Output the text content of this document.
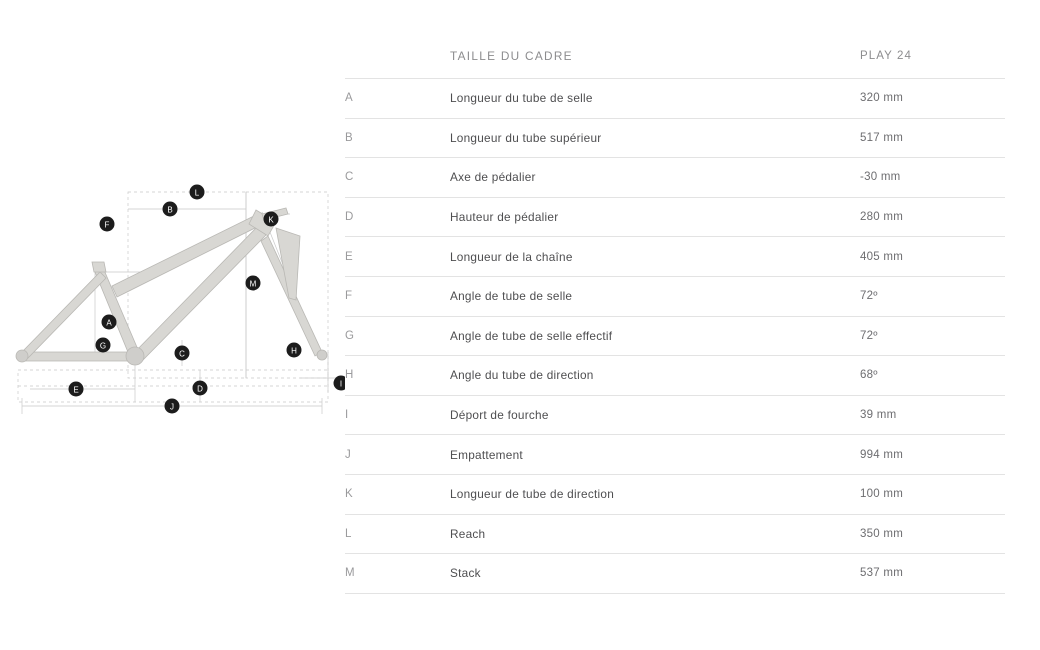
A
B
C
D
E
F
G
H
I
J
K
L
M
	TAILLE DU CADRE	PLAY 24
A	Longueur du tube de selle	320 mm
B	Longueur du tube supérieur	517 mm
C	Axe de pédalier	-30 mm
D	Hauteur de pédalier	280 mm
E	Longueur de la chaîne	405 mm
F	Angle de tube de selle	72º
G	Angle de tube de selle effectif	72º
H	Angle du tube de direction	68º
I	Déport de fourche	39 mm
J	Empattement	994 mm
K	Longueur de tube de direction	100 mm
L	Reach	350 mm
M	Stack	537 mm
